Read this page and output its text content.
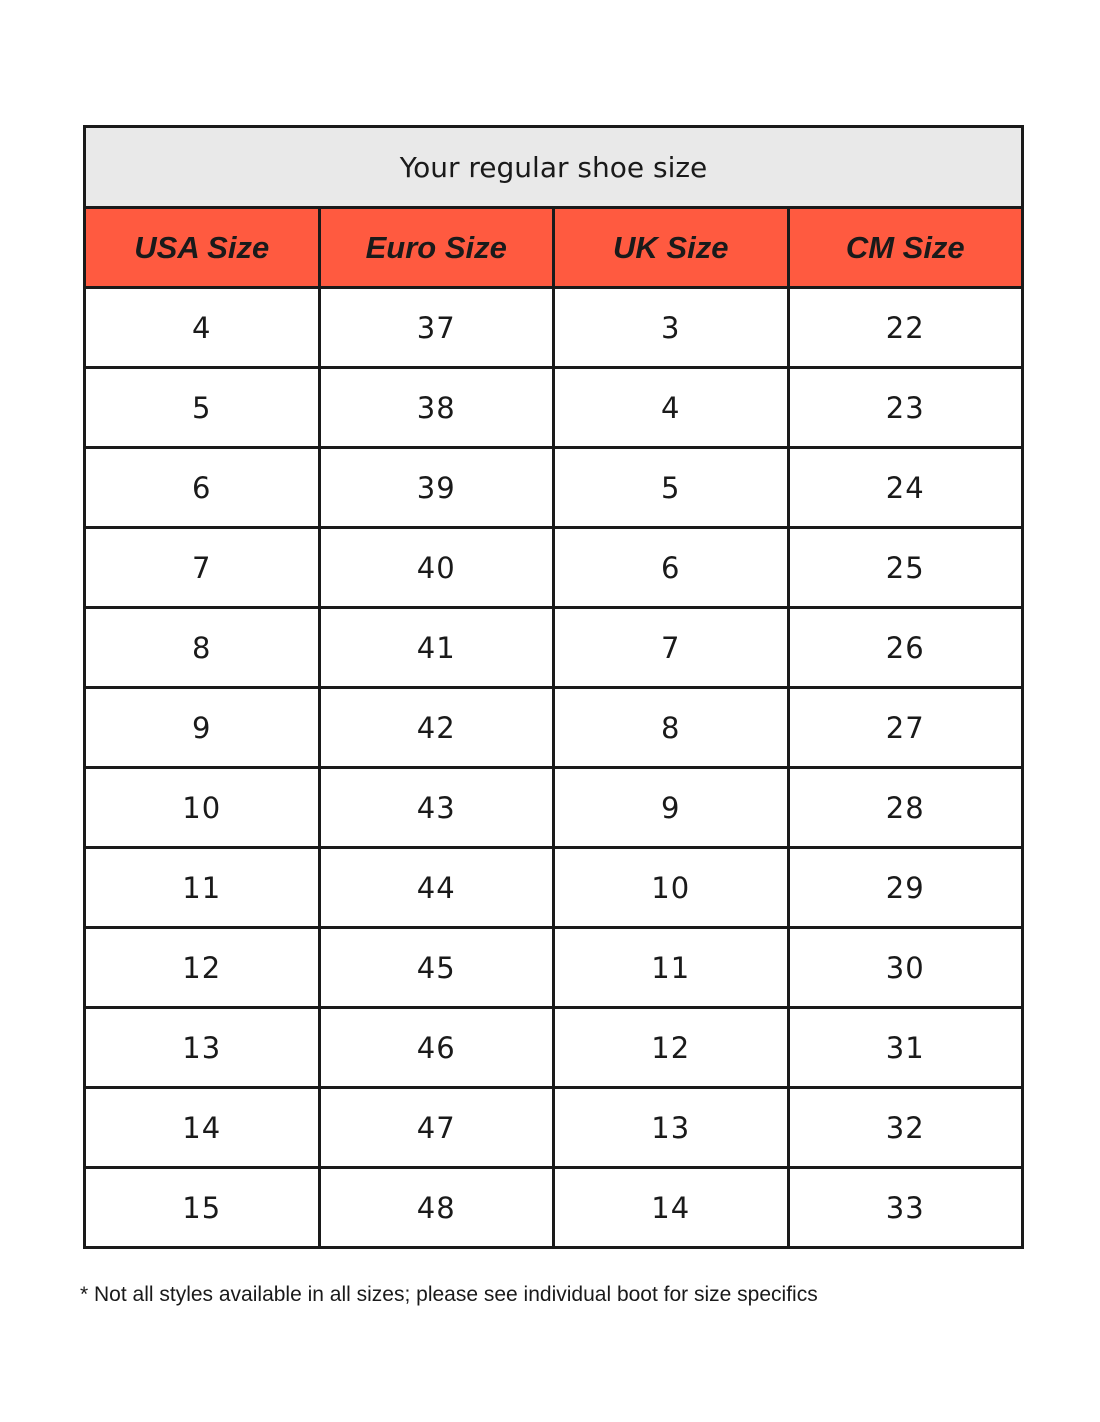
Your regular shoe size			
USA Size	Euro Size	UK Size	CM Size
4	37	3	22
5	38	4	23
6	39	5	24
7	40	6	25
8	41	7	26
9	42	8	27
10	43	9	28
11	44	10	29
12	45	11	30
13	46	12	31
14	47	13	32
15	48	14	33
* Not all styles available in all sizes; please see individual boot for size specifics
